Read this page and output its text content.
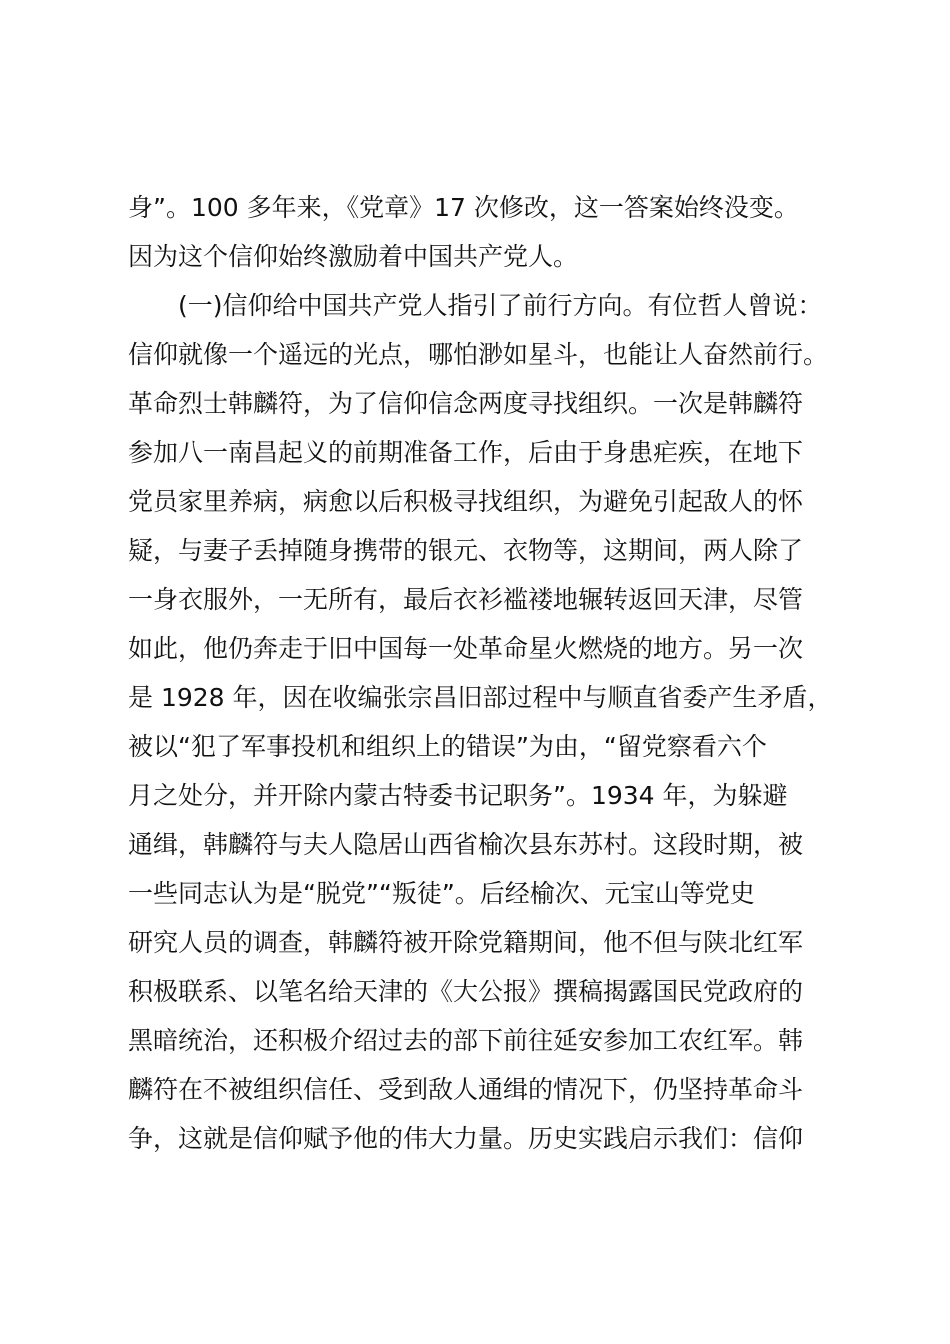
身”。100 多年来，《党章》17 次修改，这一答案始终没变。
因为这个信仰始终激励着中国共产党人。
　　(一)信仰给中国共产党人指引了前行方向。有位哲人曾说：
信仰就像一个遥远的光点，哪怕渺如星斗，也能让人奋然前行。
革命烈士韩麟符，为了信仰信念两度寻找组织。一次是韩麟符
参加八一南昌起义的前期准备工作，后由于身患疟疾，在地下
党员家里养病，病愈以后积极寻找组织，为避免引起敌人的怀
疑，与妻子丢掉随身携带的银元、衣物等，这期间，两人除了
一身衣服外，一无所有，最后衣衫褴褛地辗转返回天津，尽管
如此，他仍奔走于旧中国每一处革命星火燃烧的地方。另一次
是 1928 年，因在收编张宗昌旧部过程中与顺直省委产生矛盾，
被以“犯了军事投机和组织上的错误”为由，“留党察看六个
月之处分，并开除内蒙古特委书记职务”。1934 年，为躲避
通缉，韩麟符与夫人隐居山西省榆次县东苏村。这段时期，被
一些同志认为是“脱党”“叛徒”。后经榆次、元宝山等党史
研究人员的调查，韩麟符被开除党籍期间，他不但与陕北红军
积极联系、以笔名给天津的《大公报》撰稿揭露国民党政府的
黑暗统治，还积极介绍过去的部下前往延安参加工农红军。韩
麟符在不被组织信任、受到敌人通缉的情况下，仍坚持革命斗
争，这就是信仰赋予他的伟大力量。历史实践启示我们：信仰
